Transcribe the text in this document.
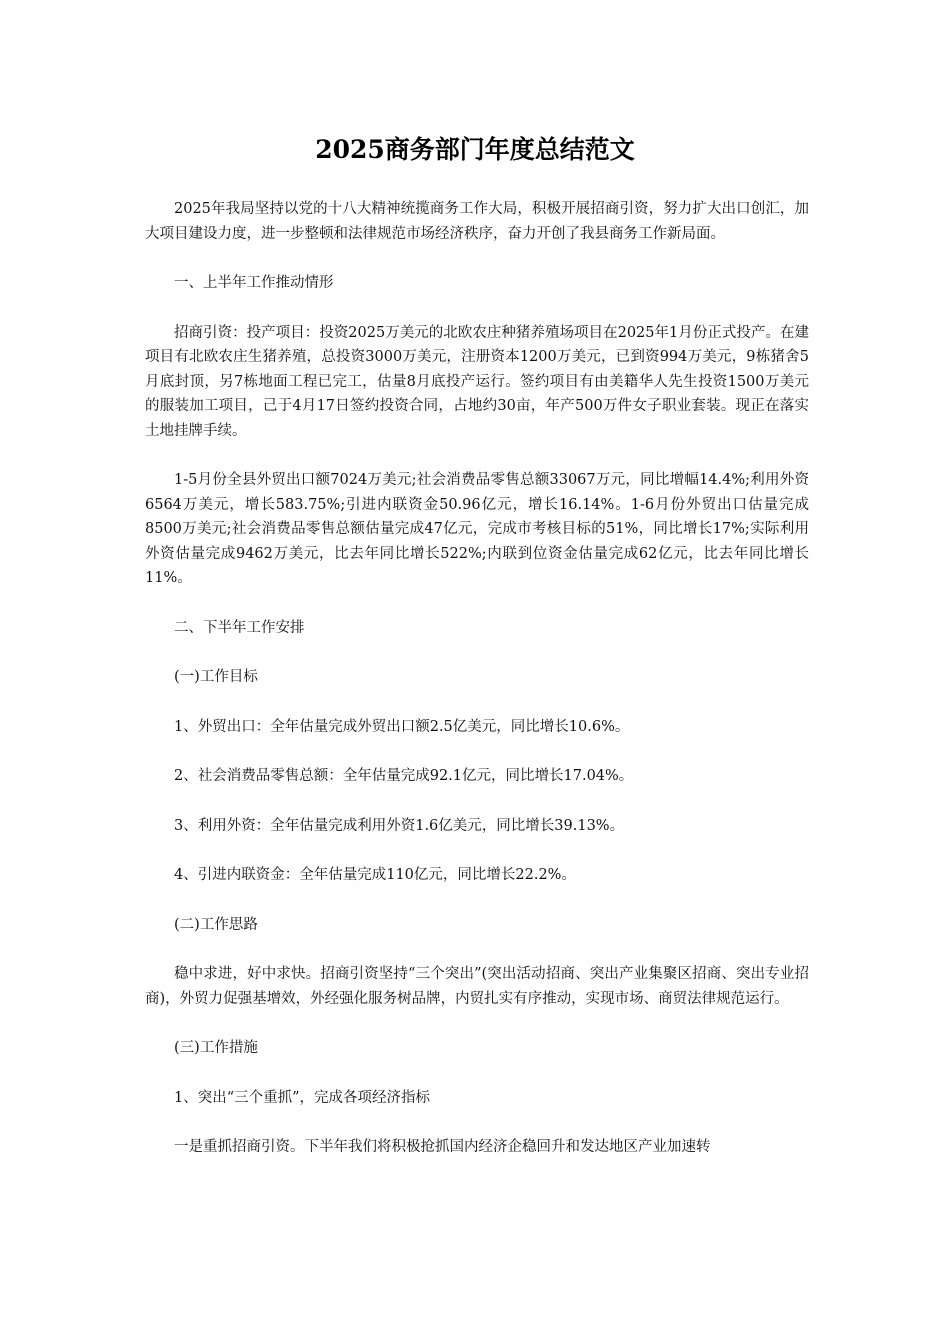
2025商务部门年度总结范文

2025年我局坚持以党的十八大精神统揽商务工作大局，积极开展招商引资，努力扩大出口创汇，加大项目建设力度，进一步整顿和法律规范市场经济秩序，奋力开创了我县商务工作新局面。

一、上半年工作推动情形

招商引资：投产项目：投资2025万美元的北欧农庄种猪养殖场项目在2025年1月份正式投产。在建项目有北欧农庄生猪养殖，总投资3000万美元，注册资本1200万美元，已到资994万美元，9栋猪舍5月底封顶，另7栋地面工程已完工，估量8月底投产运行。签约项目有由美籍华人先生投资1500万美元的服装加工项目，己于4月17日签约投资合同，占地约30亩，年产500万件女子职业套装。现正在落实土地挂牌手续。

1-5月份全县外贸出口额7024万美元;社会消费品零售总额33067万元，同比增幅14.4%;利用外资6564万美元，增长583.75%;引进内联资金50.96亿元，增长16.14%。1-6月份外贸出口估量完成8500万美元;社会消费品零售总额估量完成47亿元，完成市考核目标的51%，同比增长17%;实际利用外资估量完成9462万美元，比去年同比增长522%;内联到位资金估量完成62亿元，比去年同比增长11%。

二、下半年工作安排

(一)工作目标

1、外贸出口：全年估量完成外贸出口额2.5亿美元，同比增长10.6%。

2、社会消费品零售总额：全年估量完成92.1亿元，同比增长17.04%。

3、利用外资：全年估量完成利用外资1.6亿美元，同比增长39.13%。

4、引进内联资金：全年估量完成110亿元，同比增长22.2%。

(二)工作思路

稳中求进，好中求快。招商引资坚持“三个突出”(突出活动招商、突出产业集聚区招商、突出专业招商)，外贸力促强基增效，外经强化服务树品牌，内贸扎实有序推动，实现市场、商贸法律规范运行。

(三)工作措施

1、突出“三个重抓”，完成各项经济指标

一是重抓招商引资。下半年我们将积极抢抓国内经济企稳回升和发达地区产业加速转
